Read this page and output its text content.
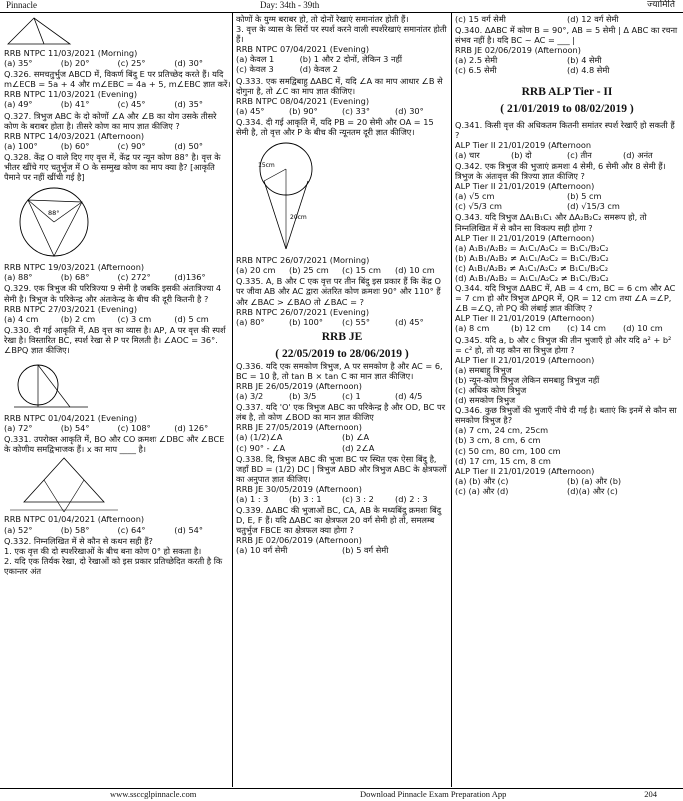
Pinnacle	Day: 34th - 39th	ज्यामिति

RRB NTPC 11/03/2021 (Morning)

(a) 35°	(b) 20°	(c) 25°	(d) 30°

Q.326. समचतुर्भुज ABCD में, विकर्ण बिंदु E पर प्रतिच्छेद करते हैं। यदि m∠ECB = 5a + 4 और m∠EBC = 4a + 5, m∠EBC ज्ञात करें।

RRB NTPC 11/03/2021 (Evening)

(a) 49°	(b) 41°	(c) 45°	(d) 35°

Q.327. त्रिभुज ABC के दो कोणों ∠A और ∠B का योग उसके तीसरे कोण के बराबर होता है। तीसरे कोण का माप ज्ञात कीजिए ?

RRB NTPC 14/03/2021 (Afternoon)

(a) 100°	(b) 60°	(c) 90°	(d) 50°

Q.328. केंद्र O वाले दिए गए वृत्त में, केंद्र पर न्यून कोण 88° है। वृत्त के भीतर खींचे गए चतुर्भुज में O के सम्मुख कोण का माप क्या है? [आकृति पैमाने पर नहीं खींची गई है]

88°

RRB NTPC 19/03/2021 (Afternoon)

(a) 88°	(b) 68°	(c) 272°	(d)136°

Q.329. एक त्रिभुज की परित्रिज्या 9 सेमी है जबकि इसकी अंतःत्रिज्या 4 सेमी है। त्रिभुज के परिकेन्द्र और अंतःकेन्द्र के बीच की दूरी कितनी है ?

RRB NTPC 27/03/2021 (Evening)

(a) 4 cm	(b) 2 cm	(c) 3 cm	(d) 5 cm

Q.330. दी गई आकृति में, AB वृत्त का व्यास है। AP, A पर वृत्त की स्पर्श रेखा है। विस्तारित BC, स्पर्श रेखा से P पर मिलती है। ∠AOC = 36°. ∠BPQ ज्ञात कीजिए।

RRB NTPC 01/04/2021 (Evening)

(a) 72°	(b) 54°	(c) 108°	(d) 126°

Q.331. उपरोक्त आकृति में, BO और CO क्रमशः ∠DBC और ∠BCE के कोणीय समद्विभाजक हैं। x का माप ____ है।

RRB NTPC 01/04/2021 (Afternoon)

(a) 52°	(b) 58°	(c) 64°	(d) 54°

Q.332. निम्नलिखित में से कौन से कथन सही हैं?

1. एक वृत्त की दो स्पर्शरेखाओं के बीच बना कोण 0° हो सकता है।

2. यदि एक तिर्यक रेखा, दो रेखाओं को इस प्रकार प्रतिच्छेदित करती है कि एकान्तर अंत

कोणों के युग्म बराबर हो, तो दोनों रेखाएं समानांतर होती हैं।

3. वृत्त के व्यास के सिरों पर स्पर्श करने वाली स्पर्शरेखाएं समानांतर होती हैं।

RRB NTPC 07/04/2021 (Evening)

(a) केवल 1	(b) 1 और 2 दोनों, लेकिन 3 नहीं
(c) केवल 3	(d) केवल 2

Q.333. एक समद्विबाहु ΔABC में, यदि ∠A का माप आधार ∠B से दोगुना है, तो ∠C का माप ज्ञात कीजिए।

RRB NTPC 08/04/2021 (Evening)

(a) 45°	(b) 90°	(c) 33°	(d) 30°

Q.334. दी गई आकृति में, यदि PB = 20 सेमी और OA = 15 सेमी है, तो वृत्त और P के बीच की न्यूनतम दूरी ज्ञात कीजिए।

15cm
20cm

RRB NTPC 26/07/2021 (Morning)

(a) 20 cm	(b) 25 cm	(c) 15 cm	(d) 10 cm

Q.335. A, B और C एक वृत्त पर तीन बिंदु इस प्रकार हैं कि केंद्र O पर जीवा AB और AC द्वारा अंतरित कोण क्रमशः 90° और 110° हैं और ∠BAC > ∠BAO तो ∠BAC = ?

RRB NTPC 26/07/2021 (Evening)

(a) 80°	(b) 100°	(c) 55°	(d) 45°
RRB JE
( 22/05/2019 to 28/06/2019 )

Q.336. यदि एक समकोण त्रिभुज, A पर समकोण है और AC = 6, BC = 10 है, तो tan B × tan C का मान ज्ञात कीजिए।

RRB JE 26/05/2019 (Afternoon)

(a) 3/2	(b) 3/5	(c) 1	(d) 4/5

Q.337. यदि 'O' एक त्रिभुज ABC का परिकेन्द्र है और OD, BC पर लंब है, तो कोण ∠BOD का मान ज्ञात कीजिए

RRB JE 27/05/2019 (Afternoon)

(a) (1/2)∠A	(b) ∠A
(c) 90° - ∠A	(d) 2∠A

Q.338. दि, त्रिभुज ABC की भुजा BC पर स्थित एक ऐसा बिंदु है, जहाँ BD = (1/2) DC | त्रिभुज ABD और त्रिभुज ABC के क्षेत्रफलों का अनुपात ज्ञात कीजिए।

RRB JE 30/05/2019 (Afternoon)

(a) 1 : 3	(b) 3 : 1	(c) 3 : 2	(d) 2 : 3

Q.339. ΔABC की भुजाओं BC, CA, AB के मध्यबिंदु क्रमशः बिंदु D, E, F हैं। यदि ΔABC का क्षेत्रफल 20 वर्ग सेमी हो तो, समलम्ब चतुर्भुज FBCE का क्षेत्रफल क्या होगा ?

RRB JE 02/06/2019 (Afternoon)

(a) 10 वर्ग सेमी	(b) 5 वर्ग सेमी
(c) 15 वर्ग सेमी	(d) 12 वर्ग सेमी

Q.340. ΔABC में कोण B = 90°, AB = 5 सेमी | Δ ABC का रचना संभव नहीं है। यदि BC ~ AC = ___ |

RRB JE 02/06/2019 (Afternoon)

(a) 2.5 सेमी	(b) 4 सेमी
(c) 6.5 सेमी	(d) 4.8 सेमी
RRB ALP Tier - II
( 21/01/2019 to 08/02/2019 )

Q.341. किसी वृत्त की अधिकतम कितनी समांतर स्पर्श रेखाएँ हो सकती हैं ?

ALP Tier II 21/01/2019 (Afternoon

(a) चार	(b) दो	(c) तीन	(d) अनंत

Q.342. एक त्रिभुज की भुजाएं क्रमशः 4 सेमी, 6 सेमी और 8 सेमी हैं। त्रिभुज के अंतःवृत्त की त्रिज्या ज्ञात कीजिए ?

ALP Tier II 21/01/2019 (Afternoon)

(a) √5 cm	(b) 5 cm
(c) √5/3 cm	(d) √15/3 cm

Q.343. यदि त्रिभुज ΔA₁B₁C₁ और ΔA₂B₂C₂ समरूप हो, तो निम्नलिखित में से कौन सा विकल्प सही होगा ?

ALP Tier II 21/01/2019 (Afternoon)

(a) A₁B₁/A₂B₂ = A₁C₁/A₂C₂ = B₁C₁/B₂C₂
(b) A₁B₁/A₂B₂ ≠ A₁C₁/A₂C₂ = B₁C₁/B₂C₂
(c) A₁B₁/A₂B₂ ≠ A₁C₁/A₂C₂ ≠ B₁C₁/B₂C₂
(d) A₁B₁/A₂B₂ = A₁C₁/A₂C₂ ≠ B₁C₁/B₂C₂

Q.344. यदि त्रिभुज ΔABC में, AB = 4 cm, BC = 6 cm और AC = 7 cm हो और त्रिभुज ΔPQR में, QR = 12 cm तथा ∠A =∠P, ∠B =∠Q, तो PQ की लंबाई ज्ञात कीजिए ?

ALP Tier II 21/01/2019 (Afternoon)

(a) 8 cm	(b) 12 cm	(c) 14 cm	(d) 10 cm

Q.345. यदि a, b और c त्रिभुज की तीन भुजाएँ हो और यदि a² + b² = c² हो, तो यह कौन सा त्रिभुज होगा ?

ALP Tier II 21/01/2019 (Afternoon)

(a) समबाहु त्रिभुज
(b) न्यून-कोण त्रिभुज लेकिन समबाहु त्रिभुज नहीं
(c) अधिक कोण त्रिभुज
(d) समकोण त्रिभुज

Q.346. कुछ त्रिभुजों की भुजाएँ नीचे दी गई है। बताएं कि इनमें से कौन सा समकोण त्रिभुज है?

(a) 7 cm, 24 cm, 25cm
(b) 3 cm, 8 cm, 6 cm
(c) 50 cm, 80 cm, 100 cm
(d) 17 cm, 15 cm, 8 cm

ALP Tier II 21/01/2019 (Afternoon)

(a) (b) और (c)	(b) (a) और (b)
(c) (a) और (d)	(d)(a) और (c)
www.ssccglpinnacle.com	Download Pinnacle Exam Preparation App	204
